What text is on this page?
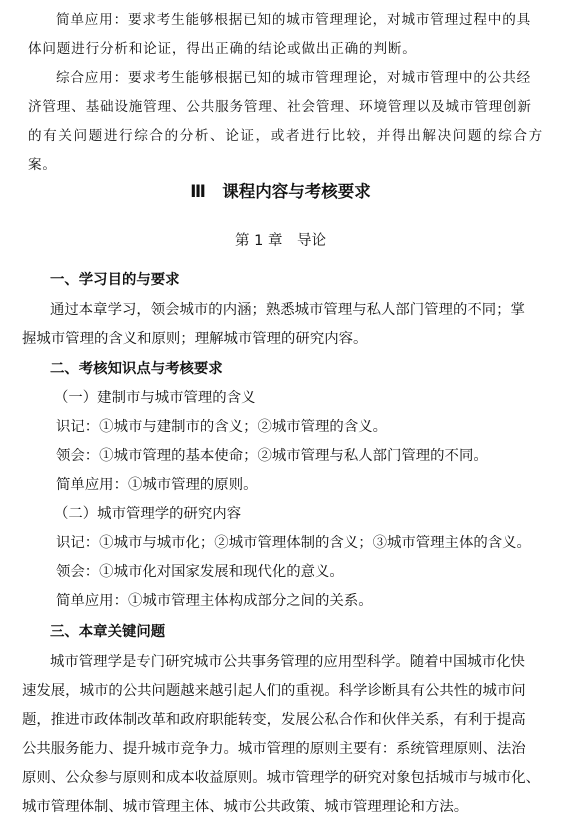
简单应用：要求考生能够根据已知的城市管理理论，对城市管理过程中的具

体问题进行分析和论证，得出正确的结论或做出正确的判断。

综合应用：要求考生能够根据已知的城市管理理论，对城市管理中的公共经

济管理、基础设施管理、公共服务管理、社会管理、环境管理以及城市管理创新

的有关问题进行综合的分析、论证，或者进行比较，并得出解决问题的综合方案。

Ⅲ　课程内容与考核要求

第 1 章　导论

一、学习目的与要求

通过本章学习，领会城市的内涵；熟悉城市管理与私人部门管理的不同；掌

握城市管理的含义和原则；理解城市管理的研究内容。

二、考核知识点与考核要求

（一）建制市与城市管理的含义

识记：①城市与建制市的含义；②城市管理的含义。

领会：①城市管理的基本使命；②城市管理与私人部门管理的不同。

简单应用：①城市管理的原则。

（二）城市管理学的研究内容

识记：①城市与城市化；②城市管理体制的含义；③城市管理主体的含义。

领会：①城市化对国家发展和现代化的意义。

简单应用：①城市管理主体构成部分之间的关系。

三、本章关键问题

城市管理学是专门研究城市公共事务管理的应用型科学。随着中国城市化快

速发展，城市的公共问题越来越引起人们的重视。科学诊断具有公共性的城市问

题，推进市政体制改革和政府职能转变，发展公私合作和伙伴关系，有利于提高

公共服务能力、提升城市竞争力。城市管理的原则主要有：系统管理原则、法治

原则、公众参与原则和成本收益原则。城市管理学的研究对象包括城市与城市化、

城市管理体制、城市管理主体、城市公共政策、城市管理理论和方法。
